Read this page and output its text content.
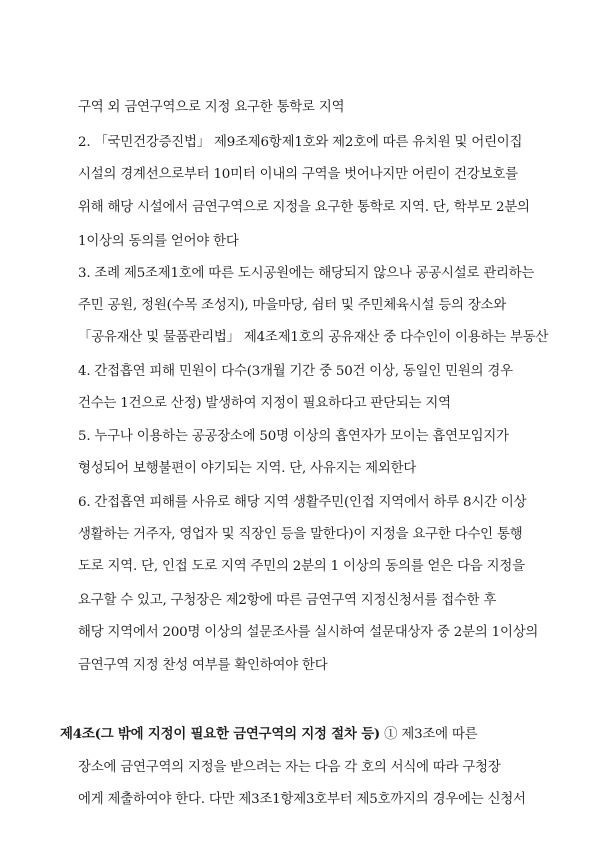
구역 외 금연구역으로 지정 요구한 통학로 지역
2. 「국민건강증진법」 제9조제6항제1호와 제2호에 따른 유치원 및 어린이집
시설의 경계선으로부터 10미터 이내의 구역을 벗어나지만 어린이 건강보호를
위해 해당 시설에서 금연구역으로 지정을 요구한 통학로 지역. 단, 학부모 2분의
1이상의 동의를 얻어야 한다
3. 조례 제5조제1호에 따른 도시공원에는 해당되지 않으나 공공시설로 관리하는
주민 공원, 정원(수목 조성지), 마을마당, 쉼터 및 주민체육시설 등의 장소와
「공유재산 및 물품관리법」 제4조제1호의 공유재산 중 다수인이 이용하는 부동산
4. 간접흡연 피해 민원이 다수(3개월 기간 중 50건 이상, 동일인 민원의 경우
건수는 1건으로 산정) 발생하여 지정이 필요하다고 판단되는 지역
5. 누구나 이용하는 공공장소에 50명 이상의 흡연자가 모이는 흡연모임지가
형성되어 보행불편이 야기되는 지역. 단, 사유지는 제외한다
6. 간접흡연 피해를 사유로 해당 지역 생활주민(인접 지역에서 하루 8시간 이상
생활하는 거주자, 영업자 및 직장인 등을 말한다)이 지정을 요구한 다수인 통행
도로 지역. 단, 인접 도로 지역 주민의 2분의 1 이상의 동의를 얻은 다음 지정을
요구할 수 있고, 구청장은 제2항에 따른 금연구역 지정신청서를 접수한 후
해당 지역에서 200명 이상의 설문조사를 실시하여 설문대상자 중 2분의 1이상의
금연구역 지정 찬성 여부를 확인하여야 한다
제4조(그 밖에 지정이 필요한 금연구역의 지정 절차 등) ① 제3조에 따른
장소에 금연구역의 지정을 받으려는 자는 다음 각 호의 서식에 따라 구청장
에게 제출하여야 한다. 다만 제3조1항제3호부터 제5호까지의 경우에는 신청서
